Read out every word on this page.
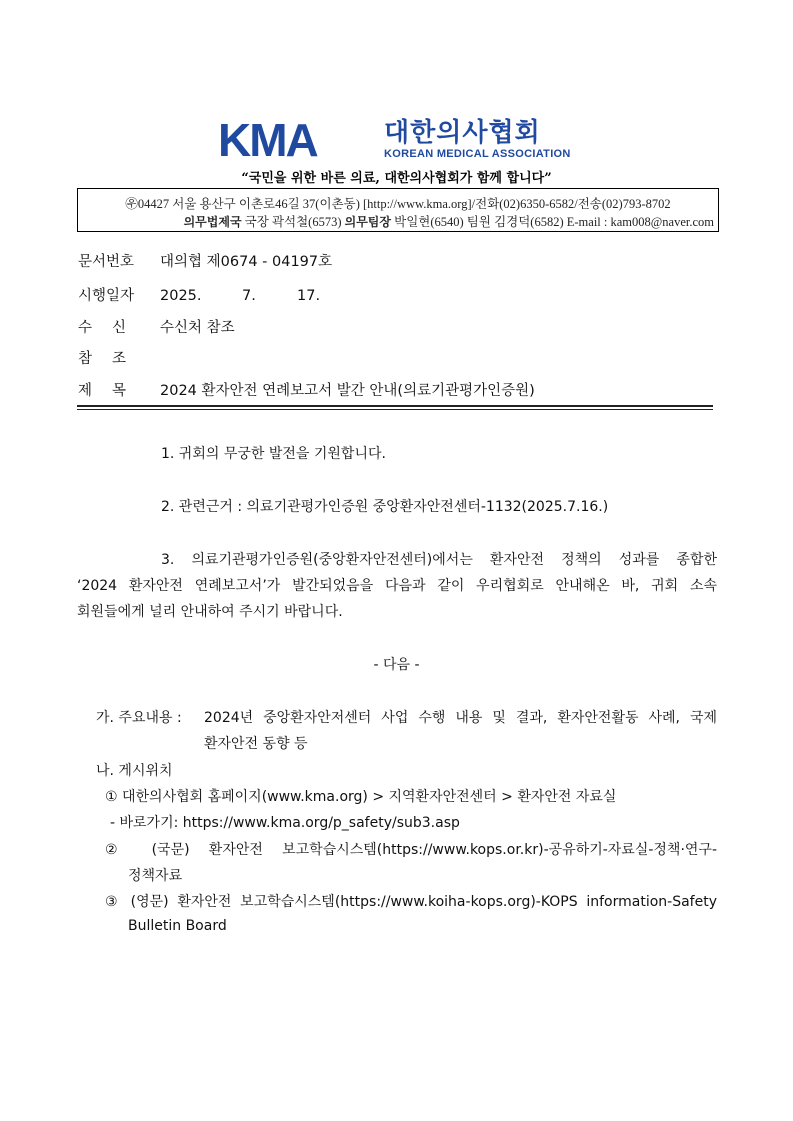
KMA	대한의사협회
KOREAN MEDICAL ASSOCIATION
“국민을 위한 바른 의료, 대한의사협회가 함께 합니다”
㉾04427 서울 용산구 이촌로46길 37(이촌동) [http://www.kma.org]/전화(02)6350-6582/전송(02)793-8702
의무법제국 국장 곽석철(6573) 의무팀장 박일현(6540) 팀원 김경덕(6582) E-mail : kam008@naver.com
문서번호 대의협 제0674 - 04197호
시행일자 2025.	7.	17.
수신 수신처 참조
참조
제목 2024 환자안전 연례보고서 발간 안내(의료기관평가인증원)
1. 귀회의 무궁한 발전을 기원합니다.
2. 관련근거 : 의료기관평가인증원 중앙환자안전센터-1132(2025.7.16.)
3. 의료기관평가인증원(중앙환자안전센터)에서는 환자안전 정책의 성과를 종합한
‘2024 환자안전 연례보고서’가 발간되었음을 다음과 같이 우리협회로 안내해온 바, 귀회 소속
회원들에게 널리 안내하여 주시기 바랍니다.
- 다음 -
가. 주요내용 : 2024년 중앙환자안저센터 사업 수행 내용 및 결과, 환자안전활동 사례, 국제
환자안전 동향 등
나. 게시위치
① 대한의사협회 홈페이지(www.kma.org) > 지역환자안전센터 > 환자안전 자료실
- 바로가기: https://www.kma.org/p_safety/sub3.asp
② (국문) 환자안전 보고학습시스템(https://www.kops.or.kr)-공유하기-자료실-정책·연구-
정책자료
③ (영문) 환자안전 보고학습시스템(https://www.koiha-kops.org)-KOPS information-Safety
Bulletin Board
